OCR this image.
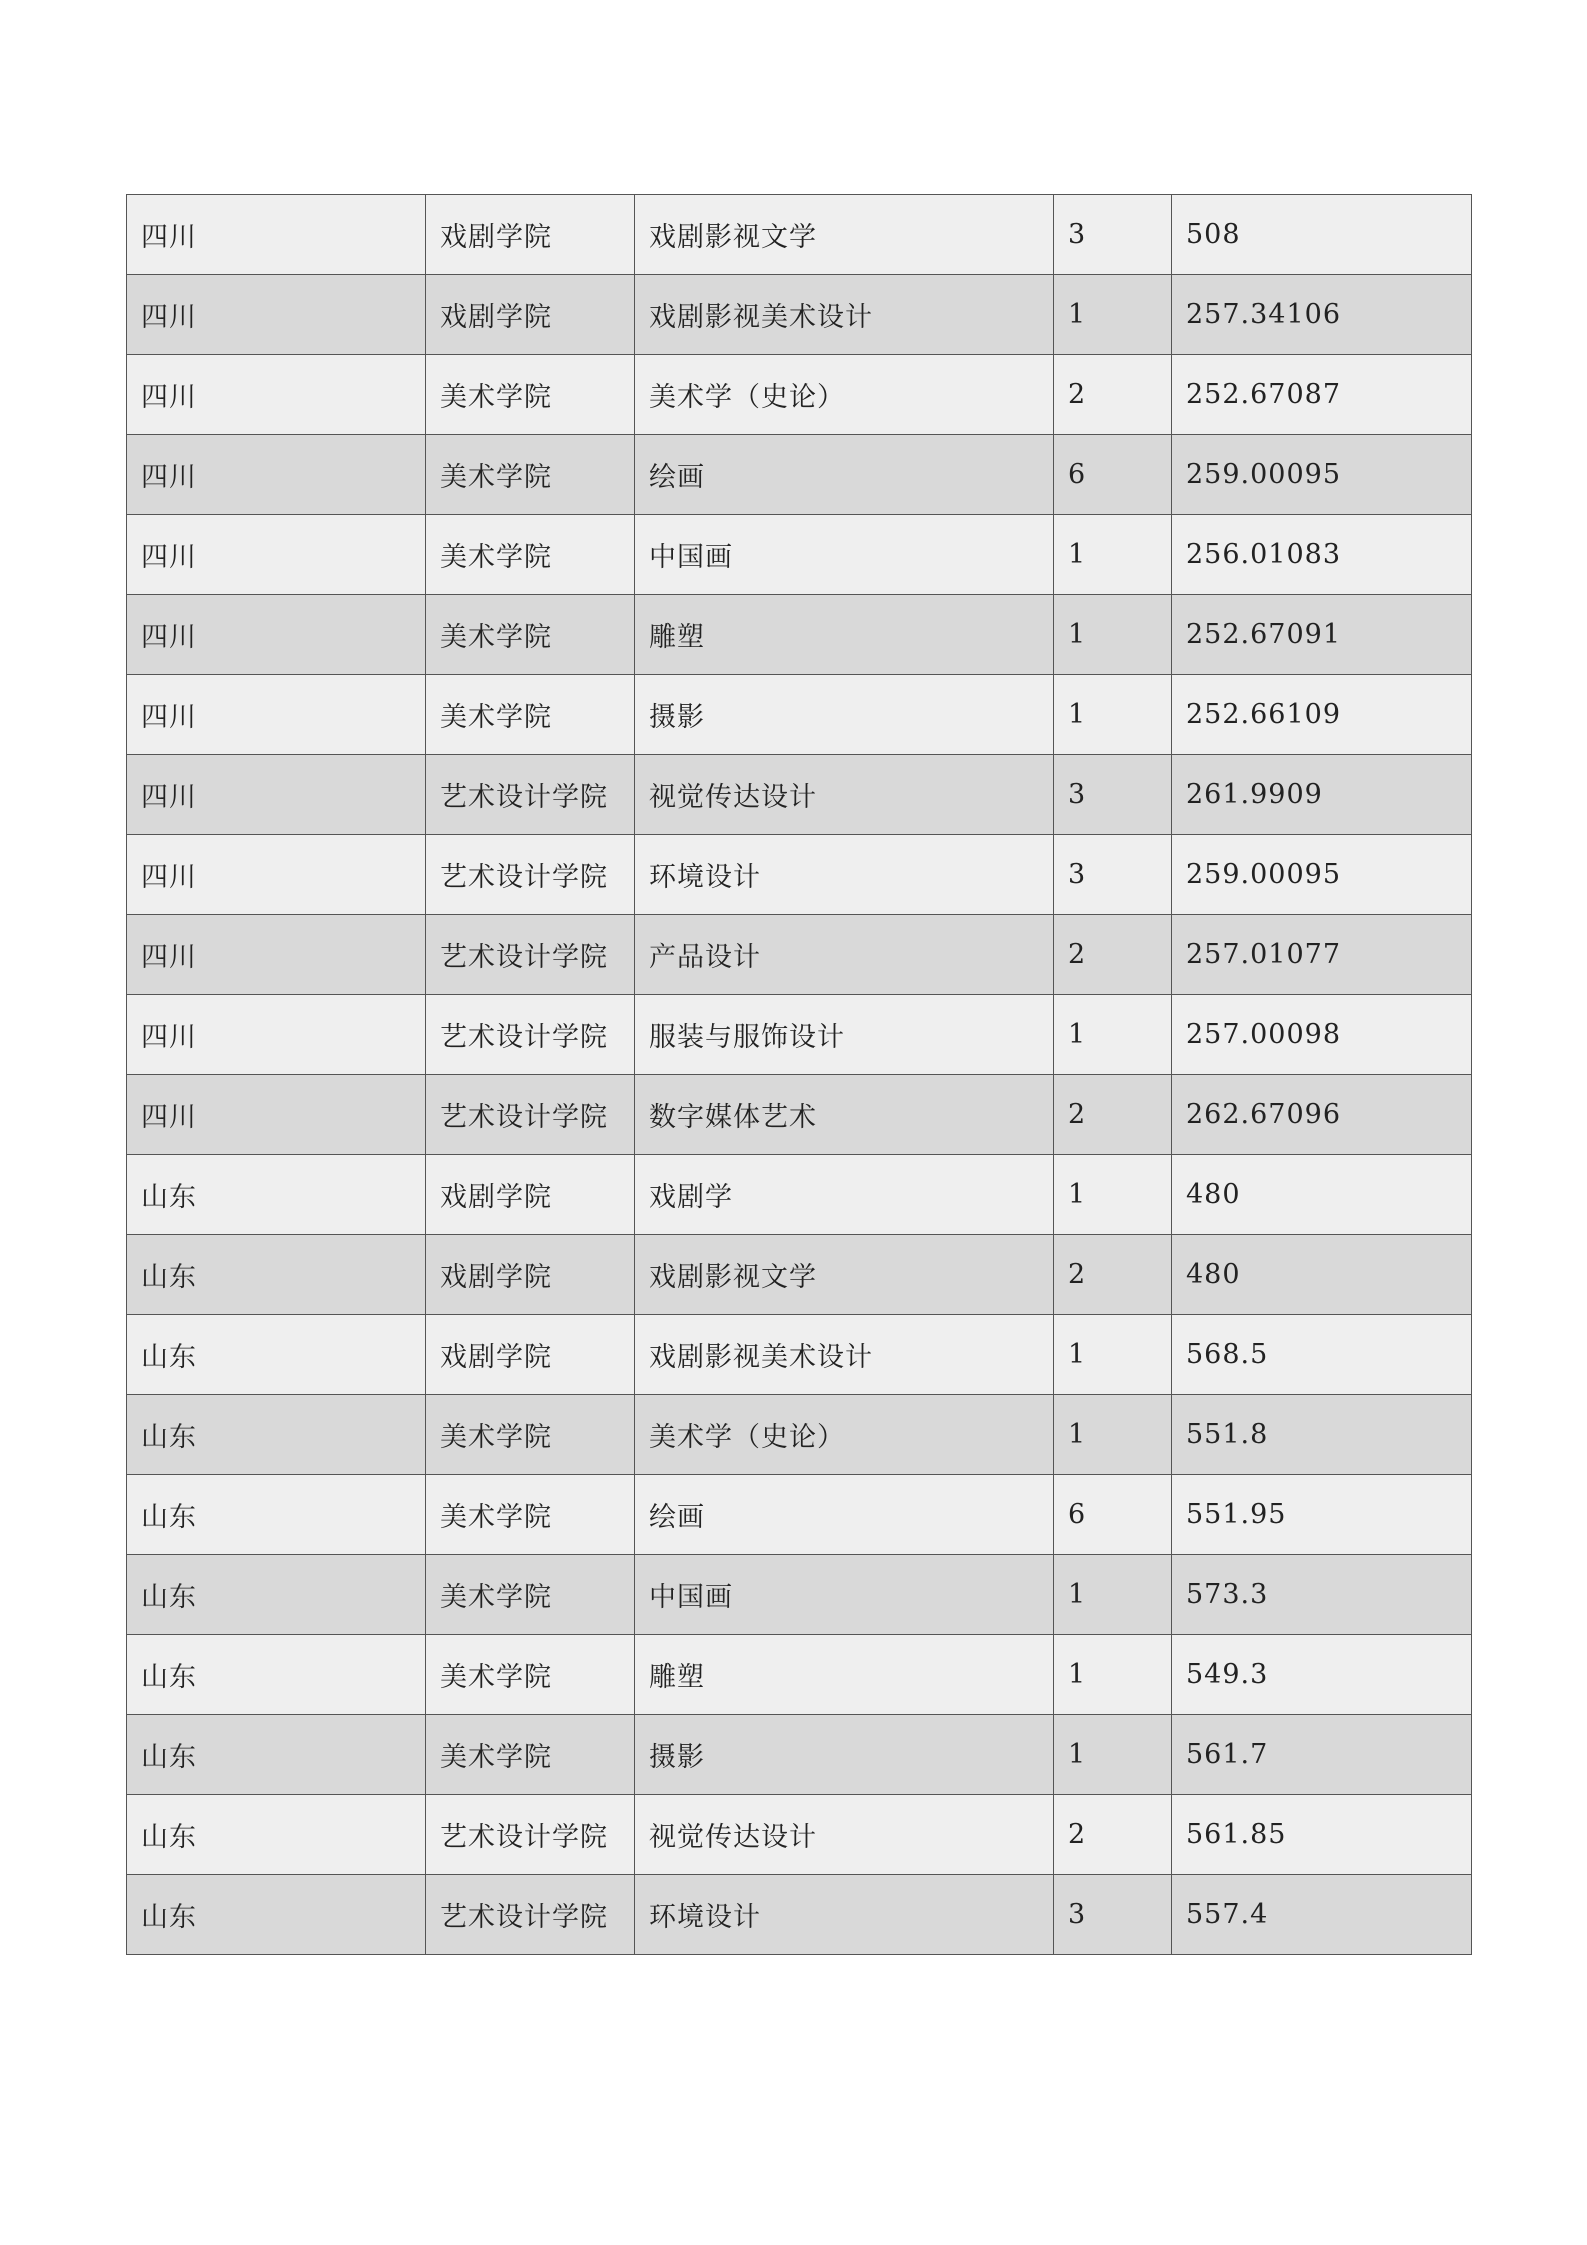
四川	戏剧学院	戏剧影视文学	3	508
四川	戏剧学院	戏剧影视美术设计	1	257.34106
四川	美术学院	美术学（史论）	2	252.67087
四川	美术学院	绘画	6	259.00095
四川	美术学院	中国画	1	256.01083
四川	美术学院	雕塑	1	252.67091
四川	美术学院	摄影	1	252.66109
四川	艺术设计学院	视觉传达设计	3	261.9909
四川	艺术设计学院	环境设计	3	259.00095
四川	艺术设计学院	产品设计	2	257.01077
四川	艺术设计学院	服装与服饰设计	1	257.00098
四川	艺术设计学院	数字媒体艺术	2	262.67096
山东	戏剧学院	戏剧学	1	480
山东	戏剧学院	戏剧影视文学	2	480
山东	戏剧学院	戏剧影视美术设计	1	568.5
山东	美术学院	美术学（史论）	1	551.8
山东	美术学院	绘画	6	551.95
山东	美术学院	中国画	1	573.3
山东	美术学院	雕塑	1	549.3
山东	美术学院	摄影	1	561.7
山东	艺术设计学院	视觉传达设计	2	561.85
山东	艺术设计学院	环境设计	3	557.4
